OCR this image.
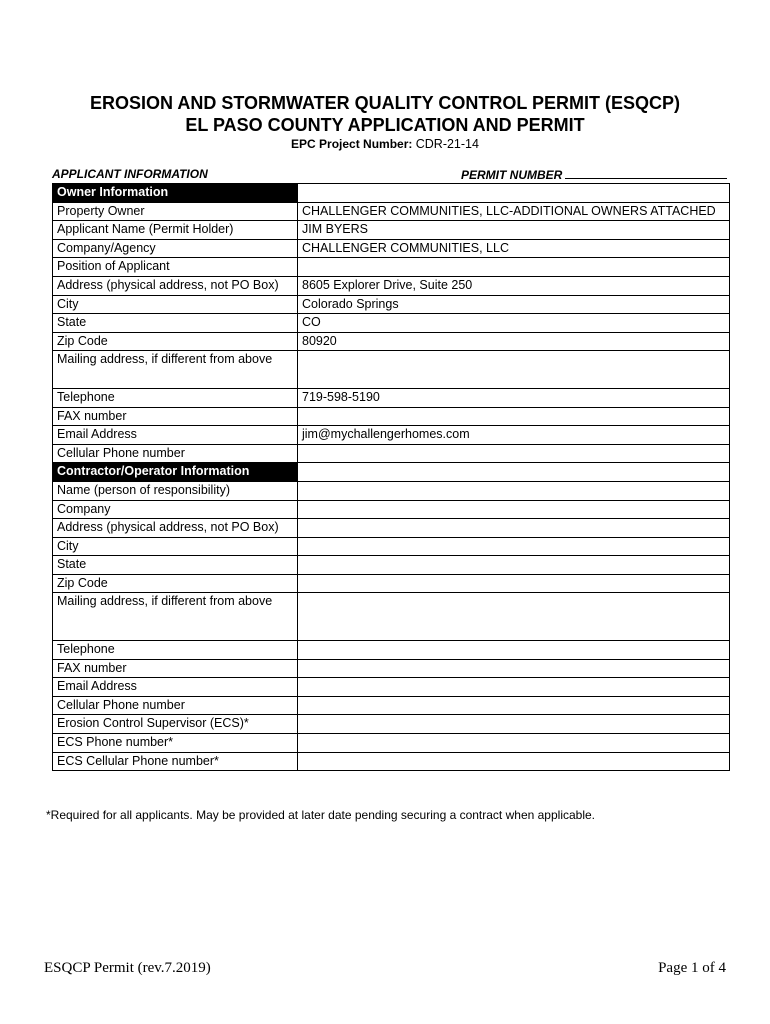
EROSION AND STORMWATER QUALITY CONTROL PERMIT (ESQCP)
EL PASO COUNTY APPLICATION AND PERMIT
EPC Project Number: CDR-21-14
APPLICANT INFORMATION	PERMIT NUMBER
Owner Information	
Property Owner	CHALLENGER COMMUNITIES, LLC-ADDITIONAL OWNERS ATTACHED
Applicant Name (Permit Holder)	JIM BYERS
Company/Agency	CHALLENGER COMMUNITIES, LLC
Position of Applicant	
Address (physical address, not PO Box)	8605 Explorer Drive, Suite 250
City	Colorado Springs
State	CO
Zip Code	80920
Mailing address, if different from above	
Telephone	719-598-5190
FAX number	
Email Address	jim@mychallengerhomes.com
Cellular Phone number	
Contractor/Operator Information	
Name (person of responsibility)	
Company	
Address (physical address, not PO Box)	
City	
State	
Zip Code	
Mailing address, if different from above	
Telephone	
FAX number	
Email Address	
Cellular Phone number	
Erosion Control Supervisor (ECS)*	
ECS Phone number*	
ECS Cellular Phone number*	
*Required for all applicants. May be provided at later date pending securing a contract when applicable.
ESQCP Permit (rev.7.2019)	Page 1 of 4
